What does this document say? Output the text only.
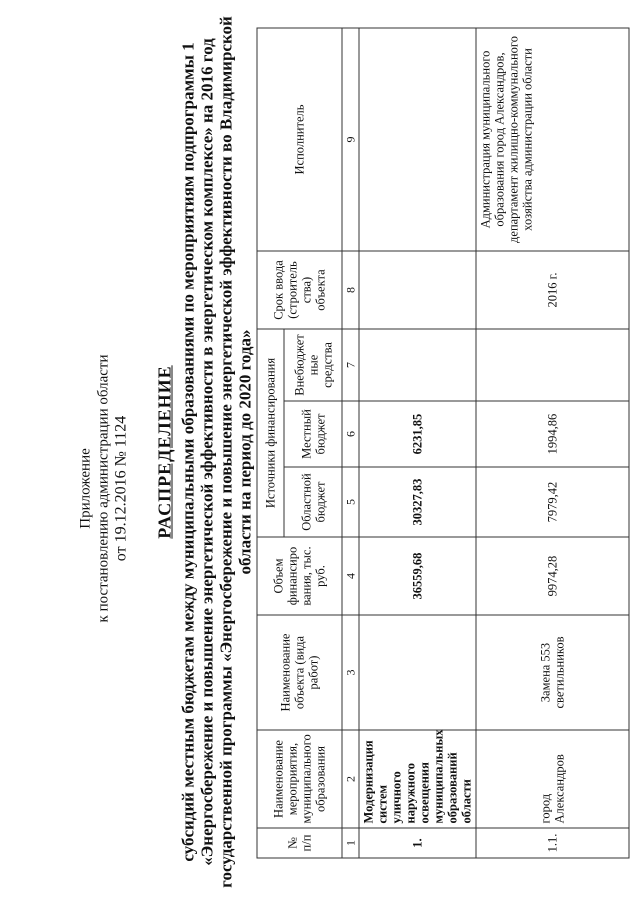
Приложение к постановлению администрации области от 19.12.2016 № 1124 РАСПРЕДЕЛЕНИЕ субсидий местным бюджетам между муниципальными образованиями по мероприятиям подпрограммы 1 «Энергосбережение и повышение энергетической эффективности в энергетическом комплексе» на 2016 год государственной программы «Энергосбережение и повышение энергетической эффективности во Владимирской области на период до 2020 года»
№ п/п	Наименование мероприятия, муниципального образования	Наименование объекта (вида работ)	Объем финансиро вания, тыс. руб.	Источники финансирования			Срок ввода (строитель ства) объекта	Исполнитель
				Областной бюджет	Местный бюджет	Внебюджет ные средства		
1	2	3	4	5	6	7	8	9
1.	Модернизация систем уличного наружного освещения муниципальных образований области		36559,68	30327,83	6231,85			
1.1.	город Александров	Замена 553 светильников	9974,28	7979,42	1994,86		2016 г.	Администрация муниципального образования город Александров, департамент жилищно-коммунального хозяйства администрации области
